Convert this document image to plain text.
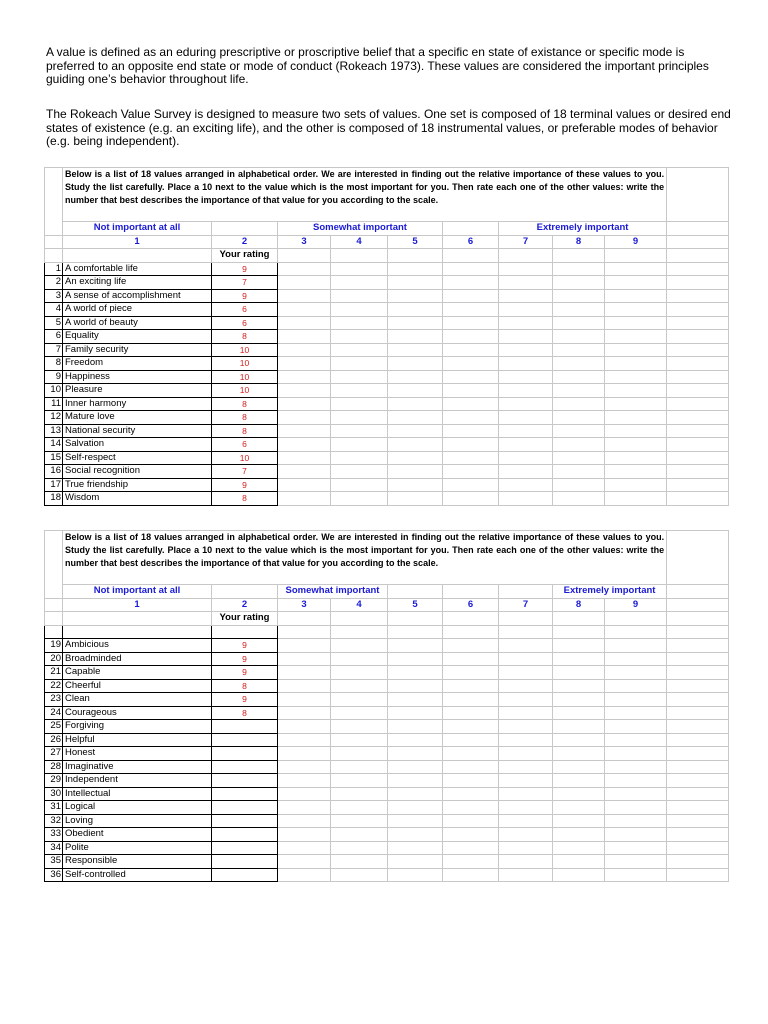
A value is defined as an eduring prescriptive or proscriptive belief that a specific en state of existance or specific mode is preferred to an opposite end state or mode of conduct (Rokeach 1973). These values are considered the important principles guiding one’s behavior throughout life.

The Rokeach Value Survey is designed to measure two sets of values. One set is composed of 18 terminal values or desired end states of existence (e.g. an exciting life), and the other is composed of 18 instrumental values, or preferable modes of behavior (e.g. being independent).

	Below is a list of 18 values arranged in alphabetical order. We are interested in finding out the relative importance of these values to you. Study the list carefully. Place a 10 next to the value which is the most important for you. Then rate each one of the other values: write the number that best describes the importance of that value for you according to the scale.									
	Not important at all		Somewhat important				Extremely important			
	1	2	3	4	5	6	7	8	9	
		Your rating								
1	A comfortable life	9								
2	An exciting life	7								
3	A sense of accomplishment	9								
4	A world of piece	6								
5	A world of beauty	6								
6	Equality	8								
7	Family security	10								
8	Freedom	10								
9	Happiness	10								
10	Pleasure	10								
11	Inner harmony	8								
12	Mature love	8								
13	National security	8								
14	Salvation	6								
15	Self-respect	10								
16	Social recognition	7								
17	True friendship	9								
18	Wisdom	8								
	Below is a list of 18 values arranged in alphabetical order. We are interested in finding out the relative importance of these values to you. Study the list carefully. Place a 10 next to the value which is the most important for you. Then rate each one of the other values: write the number that best describes the importance of that value for you according to the scale.									
	Not important at all		Somewhat important					Extremely important		
	1	2	3	4	5	6	7	8	9	
		Your rating								

19	Ambicious	9								
20	Broadminded	9								
21	Capable	9								
22	Cheerful	8								
23	Clean	9								
24	Courageous	8								
25	Forgiving									
26	Helpful									
27	Honest									
28	Imaginative									
29	Independent									
30	Intellectual									
31	Logical									
32	Loving									
33	Obedient									
34	Polite									
35	Responsible									
36	Self-controlled									
